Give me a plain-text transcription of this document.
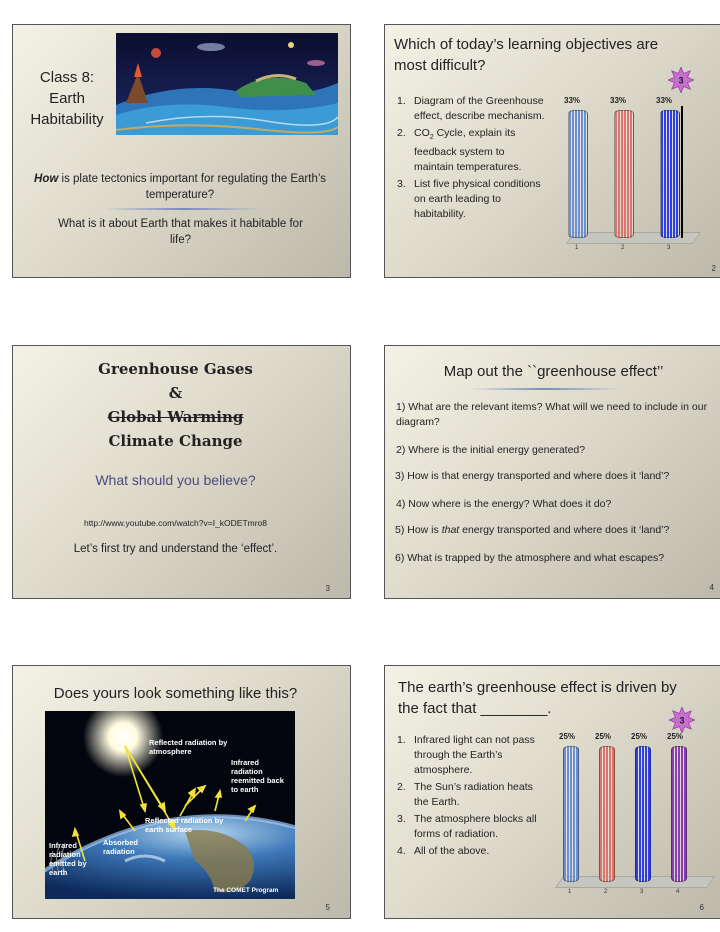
Class 8:
Earth
Habitability
How is plate tectonics important for regulating the Earth’s temperature?
What is it about Earth that makes it habitable for life?
Which of today’s learning objectives are most difficult?
3
1. Diagram of the Greenhouse effect, describe mechanism.
2. $CO_2$ Cycle, explain its feedback system to maintain temperatures.
3. List five physical conditions on earth leading to habitability.
33%
1
33%
2
33%
3
2
Greenhouse Gases
&
Global Warming
Climate Change
What should you believe?
http://www.youtube.com/watch?v=I_kODETmro8
Let’s first try and understand the ‘effect’.
3
Map out the ``greenhouse effect’’
1) What are the relevant items? What will we need to include in our diagram?
2) Where is the initial energy generated?
3) How is that energy transported and where does it ‘land’?
4) Now where is the energy? What does it do?
5) How is that energy transported and where does it ‘land’?
6) What is trapped by the atmosphere and what escapes?
4
Does yours look something like this?
Reflected radiation by atmosphere
Infrared radiation reemitted back to earth
Reflected radiation by earth surface
Absorbed radiation
Infrared radiation emitted by earth
The COMET Program
5
The earth’s greenhouse effect is driven by the fact that ________.
3
1. Infrared light can not pass through the Earth’s atmosphere.
2. The Sun’s radiation heats the Earth.
3. The atmosphere blocks all forms of radiation.
4. All of the above.
25%
1
25%
2
25%
3
25%
4
6
